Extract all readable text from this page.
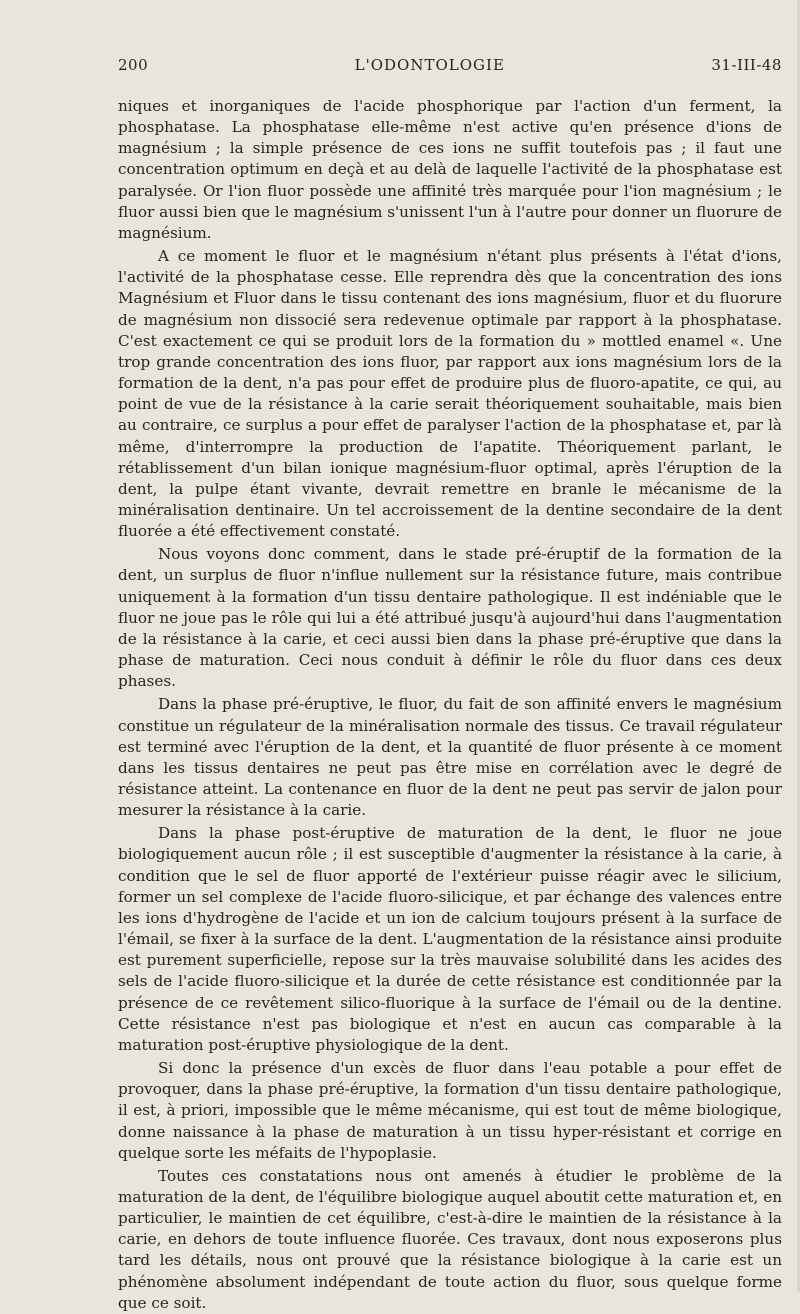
200	L'ODONTOLOGIE	31-III-48

niques et inorganiques de l'acide phosphorique par l'action d'un ferment, la phosphatase. La phosphatase elle-même n'est active qu'en présence d'ions de magnésium ; la simple présence de ces ions ne suffit toutefois pas ; il faut une concentration optimum en deçà et au delà de laquelle l'activité de la phosphatase est paralysée. Or l'ion fluor possède une affinité très marquée pour l'ion magnésium ; le fluor aussi bien que le magnésium s'unissent l'un à l'autre pour donner un fluorure de magnésium.

A ce moment le fluor et le magnésium n'étant plus présents à l'état d'ions, l'activité de la phosphatase cesse. Elle reprendra dès que la concentration des ions Magnésium et Fluor dans le tissu contenant des ions magnésium, fluor et du fluorure de magnésium non dissocié sera redevenue optimale par rapport à la phosphatase. C'est exactement ce qui se produit lors de la formation du » mottled enamel «. Une trop grande concentration des ions fluor, par rapport aux ions magnésium lors de la formation de la dent, n'a pas pour effet de produire plus de fluoro-apatite, ce qui, au point de vue de la résistance à la carie serait théoriquement souhaitable, mais bien au contraire, ce surplus a pour effet de paralyser l'action de la phosphatase et, par là même, d'interrompre la production de l'apatite. Théoriquement parlant, le rétablissement d'un bilan ionique magnésium-fluor optimal, après l'éruption de la dent, la pulpe étant vivante, devrait remettre en branle le mécanisme de la minéralisation dentinaire. Un tel accroissement de la dentine secondaire de la dent fluorée a été effectivement constaté.

Nous voyons donc comment, dans le stade pré-éruptif de la formation de la dent, un surplus de fluor n'influe nullement sur la résistance future, mais contribue uniquement à la formation d'un tissu dentaire pathologique. Il est indéniable que le fluor ne joue pas le rôle qui lui a été attribué jusqu'à aujourd'hui dans l'augmentation de la résistance à la carie, et ceci aussi bien dans la phase pré-éruptive que dans la phase de maturation. Ceci nous conduit à définir le rôle du fluor dans ces deux phases.

Dans la phase pré-éruptive, le fluor, du fait de son affinité envers le magnésium constitue un régulateur de la minéralisation normale des tissus. Ce travail régulateur est terminé avec l'éruption de la dent, et la quantité de fluor présente à ce moment dans les tissus dentaires ne peut pas être mise en corrélation avec le degré de résistance atteint. La contenance en fluor de la dent ne peut pas servir de jalon pour mesurer la résistance à la carie.

Dans la phase post-éruptive de maturation de la dent, le fluor ne joue biologiquement aucun rôle ; il est susceptible d'augmenter la résistance à la carie, à condition que le sel de fluor apporté de l'extérieur puisse réagir avec le silicium, former un sel complexe de l'acide fluoro-silicique, et par échange des valences entre les ions d'hydrogène de l'acide et un ion de calcium toujours présent à la surface de l'émail, se fixer à la surface de la dent. L'augmentation de la résistance ainsi produite est purement superficielle, repose sur la très mauvaise solubilité dans les acides des sels de l'acide fluoro-silicique et la durée de cette résistance est conditionnée par la présence de ce revêtement silico-fluorique à la surface de l'émail ou de la dentine. Cette résistance n'est pas biologique et n'est en aucun cas comparable à la maturation post-éruptive physiologique de la dent.

Si donc la présence d'un excès de fluor dans l'eau potable a pour effet de provoquer, dans la phase pré-éruptive, la formation d'un tissu dentaire pathologique, il est, à priori, impossible que le même mécanisme, qui est tout de même biologique, donne naissance à la phase de maturation à un tissu hyper-résistant et corrige en quelque sorte les méfaits de l'hypoplasie.

Toutes ces constatations nous ont amenés à étudier le problème de la maturation de la dent, de l'équilibre biologique auquel aboutit cette maturation et, en particulier, le maintien de cet équilibre, c'est-à-dire le maintien de la résistance à la carie, en dehors de toute influence fluorée. Ces travaux, dont nous exposerons plus tard les détails, nous ont prouvé que la résistance biologique à la carie est un phénomène absolument indépendant de toute action du fluor, sous quelque forme que ce soit.
